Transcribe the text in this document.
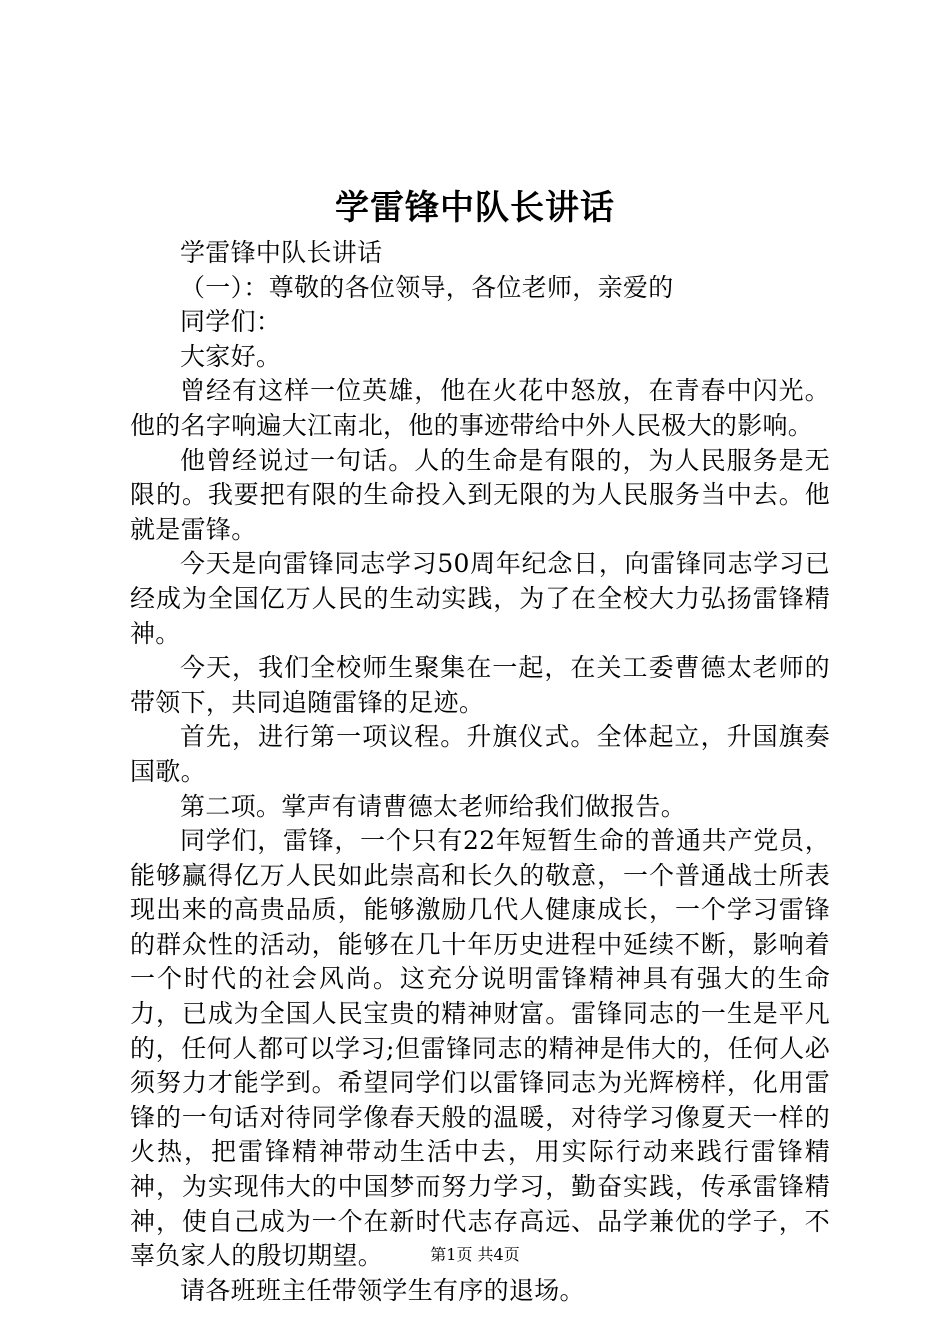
学雷锋中队长讲话

学雷锋中队长讲话

（一）：尊敬的各位领导，各位老师，亲爱的

同学们：

大家好。

曾经有这样一位英雄，他在火花中怒放，在青春中闪光。他的名字响遍大江南北，他的事迹带给中外人民极大的影响。

他曾经说过一句话。人的生命是有限的，为人民服务是无限的。我要把有限的生命投入到无限的为人民服务当中去。他就是雷锋。

今天是向雷锋同志学习50周年纪念日，向雷锋同志学习已经成为全国亿万人民的生动实践，为了在全校大力弘扬雷锋精神。

今天，我们全校师生聚集在一起，在关工委曹德太老师的带领下，共同追随雷锋的足迹。

首先，进行第一项议程。升旗仪式。全体起立，升国旗奏国歌。

第二项。掌声有请曹德太老师给我们做报告。

同学们，雷锋，一个只有22年短暂生命的普通共产党员，能够赢得亿万人民如此崇高和长久的敬意，一个普通战士所表现出来的高贵品质，能够激励几代人健康成长，一个学习雷锋的群众性的活动，能够在几十年历史进程中延续不断，影响着一个时代的社会风尚。这充分说明雷锋精神具有强大的生命力，已成为全国人民宝贵的精神财富。雷锋同志的一生是平凡的，任何人都可以学习;但雷锋同志的精神是伟大的，任何人必须努力才能学到。希望同学们以雷锋同志为光辉榜样，化用雷锋的一句话对待同学像春天般的温暖，对待学习像夏天一样的火热，把雷锋精神带动生活中去，用实际行动来践行雷锋精神，为实现伟大的中国梦而努力学习，勤奋实践，传承雷锋精神，使自己成为一个在新时代志存高远、品学兼优的学子，不辜负家人的殷切期望。

请各班班主任带领学生有序的退场。

第1页 共4页
